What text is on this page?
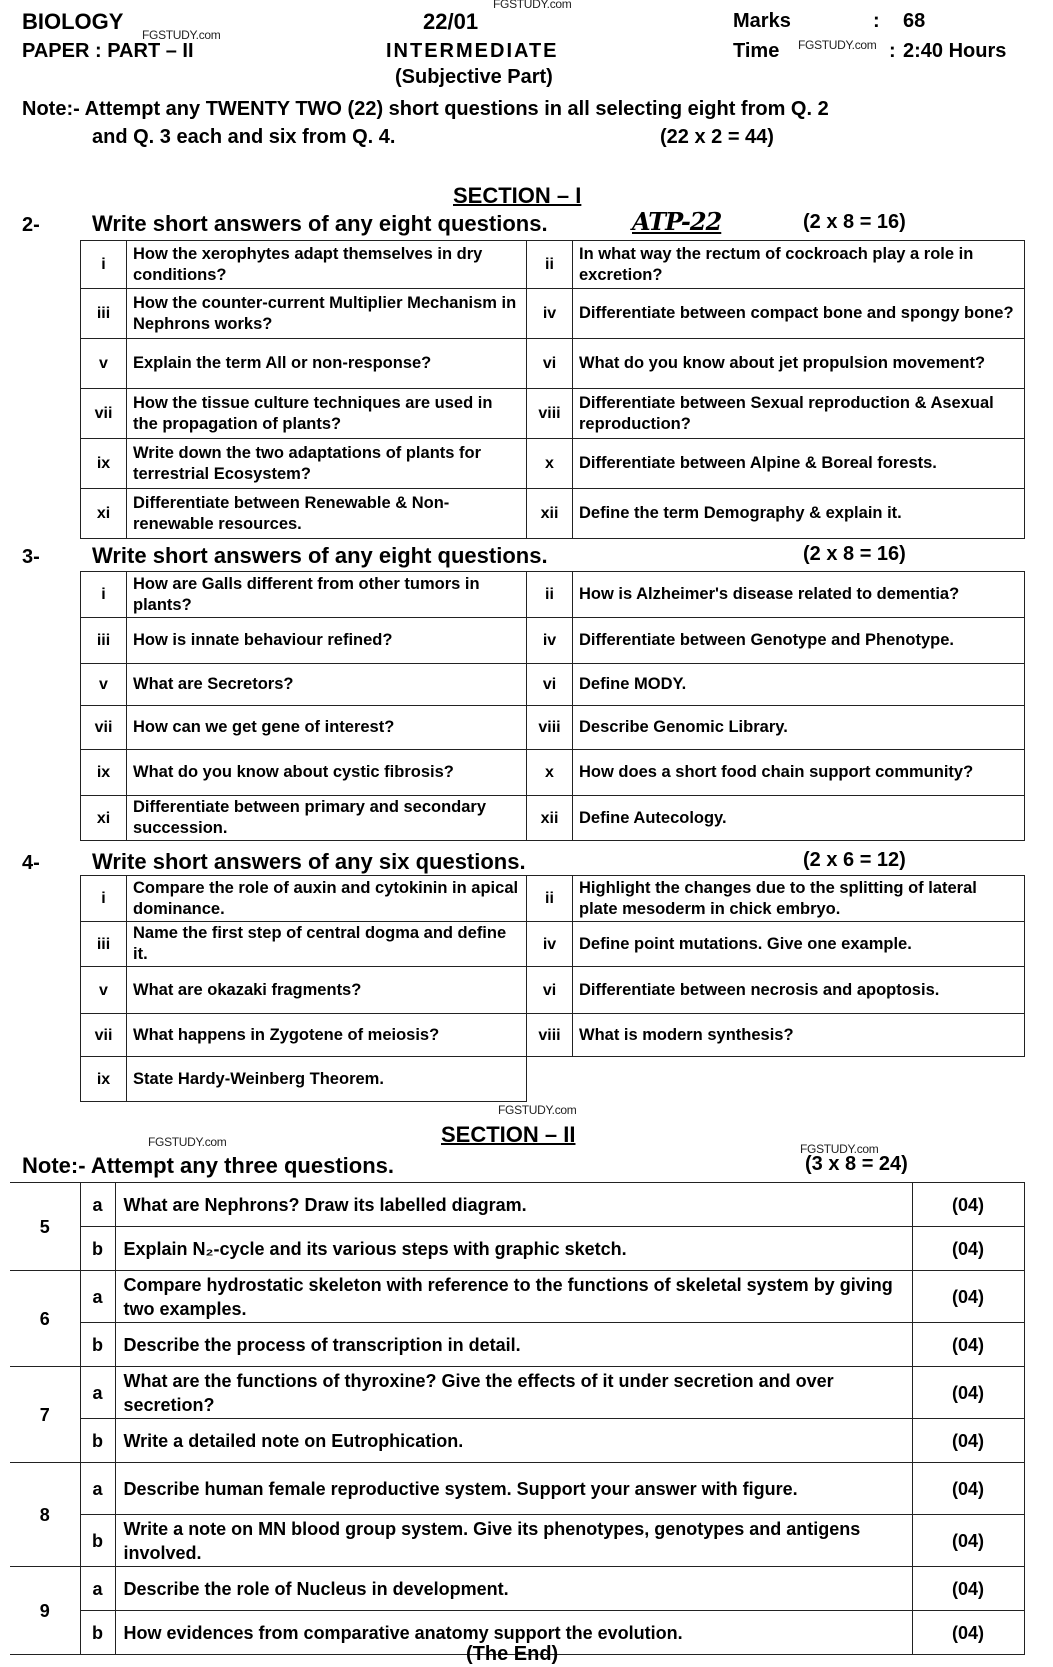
FGSTUDY.com
BIOLOGY
FGSTUDY.com
PAPER : PART – II
22/01
INTERMEDIATE
(Subjective Part)
Marks	: 68
Time FGSTUDY.com : 2:40 Hours
Note:- Attempt any TWENTY TWO (22) short questions in all selecting eight from Q. 2
and Q. 3 each and six from Q. 4.	(22 x 2 = 44)
SECTION – I
2- Write short answers of any eight questions.	ATP-22	(2 x 8 = 16)
i	How the xerophytes adapt themselves in dry conditions?	ii	In what way the rectum of cockroach play a role in excretion?
iii	How the counter-current Multiplier Mechanism in Nephrons works?	iv	Differentiate between compact bone and spongy bone?
v	Explain the term All or non-response?	vi	What do you know about jet propulsion movement?
vii	How the tissue culture techniques are used in the propagation of plants?	viii	Differentiate between Sexual reproduction & Asexual reproduction?
ix	Write down the two adaptations of plants for terrestrial Ecosystem?	x	Differentiate between Alpine & Boreal forests.
xi	Differentiate between Renewable & Non-renewable resources.	xii	Define the term Demography & explain it.
3- Write short answers of any eight questions.	(2 x 8 = 16)
i	How are Galls different from other tumors in plants?	ii	How is Alzheimer's disease related to dementia?
iii	How is innate behaviour refined?	iv	Differentiate between Genotype and Phenotype.
v	What are Secretors?	vi	Define MODY.
vii	How can we get gene of interest?	viii	Describe Genomic Library.
ix	What do you know about cystic fibrosis?	x	How does a short food chain support community?
xi	Differentiate between primary and secondary succession.	xii	Define Autecology.
4- Write short answers of any six questions.	(2 x 6 = 12)
i	Compare the role of auxin and cytokinin in apical dominance.	ii	Highlight the changes due to the splitting of lateral plate mesoderm in chick embryo.
iii	Name the first step of central dogma and define it.	iv	Define point mutations. Give one example.
v	What are okazaki fragments?	vi	Differentiate between necrosis and apoptosis.
vii	What happens in Zygotene of meiosis?	viii	What is modern synthesis?
ix	State Hardy-Weinberg Theorem.		
FGSTUDY.com
SECTION – II
FGSTUDY.com	FGSTUDY.com
Note:- Attempt any three questions.	(3 x 8 = 24)
5	a	What are Nephrons? Draw its labelled diagram.	(04)
	b	Explain N₂-cycle and its various steps with graphic sketch.	(04)
6	a	Compare hydrostatic skeleton with reference to the functions of skeletal system by giving two examples.	(04)
	b	Describe the process of transcription in detail.	(04)
7	a	What are the functions of thyroxine? Give the effects of it under secretion and over secretion?	(04)
	b	Write a detailed note on Eutrophication.	(04)
8	a	Describe human female reproductive system. Support your answer with figure.	(04)
	b	Write a note on MN blood group system. Give its phenotypes, genotypes and antigens involved.	(04)
9	a	Describe the role of Nucleus in development.	(04)
	b	How evidences from comparative anatomy support the evolution.	(04)
(The End)
